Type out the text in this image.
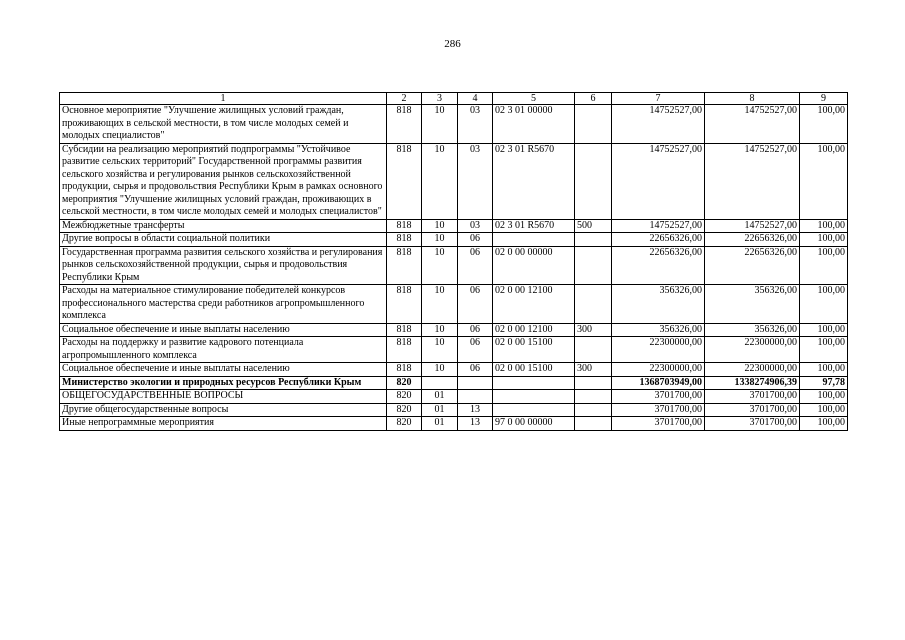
286
1	2	3	4	5	6	7	8	9
Основное мероприятие "Улучшение жилищных условий граждан, проживающих в сельской местности, в том числе молодых семей и молодых специалистов"	818	10	03	02 3 01 00000		14752527,00	14752527,00	100,00
Субсидии на реализацию мероприятий подпрограммы "Устойчивое развитие сельских территорий" Государственной программы развития сельского хозяйства и регулирования рынков сельскохозяйственной продукции, сырья и продовольствия Республики Крым в рамках основного мероприятия "Улучшение жилищных условий граждан, проживающих в сельской местности, в том числе молодых семей и молодых специалистов"	818	10	03	02 3 01 R5670		14752527,00	14752527,00	100,00
Межбюджетные трансферты	818	10	03	02 3 01 R5670	500	14752527,00	14752527,00	100,00
Другие вопросы в области социальной политики	818	10	06			22656326,00	22656326,00	100,00
Государственная программа развития сельского хозяйства и регулирования рынков сельскохозяйственной продукции, сырья и продовольствия Республики Крым	818	10	06	02 0 00 00000		22656326,00	22656326,00	100,00
Расходы на материальное стимулирование победителей конкурсов профессионального мастерства среди работников агропромышленного комплекса	818	10	06	02 0 00 12100		356326,00	356326,00	100,00
Социальное обеспечение и иные выплаты населению	818	10	06	02 0 00 12100	300	356326,00	356326,00	100,00
Расходы на поддержку и развитие кадрового потенциала агропромышленного комплекса	818	10	06	02 0 00 15100		22300000,00	22300000,00	100,00
Социальное обеспечение и иные выплаты населению	818	10	06	02 0 00 15100	300	22300000,00	22300000,00	100,00
Министерство экологии и природных ресурсов Республики Крым	820					1368703949,00	1338274906,39	97,78
ОБЩЕГОСУДАРСТВЕННЫЕ ВОПРОСЫ	820	01				3701700,00	3701700,00	100,00
Другие общегосударственные вопросы	820	01	13			3701700,00	3701700,00	100,00
Иные непрограммные мероприятия	820	01	13	97 0 00 00000		3701700,00	3701700,00	100,00
